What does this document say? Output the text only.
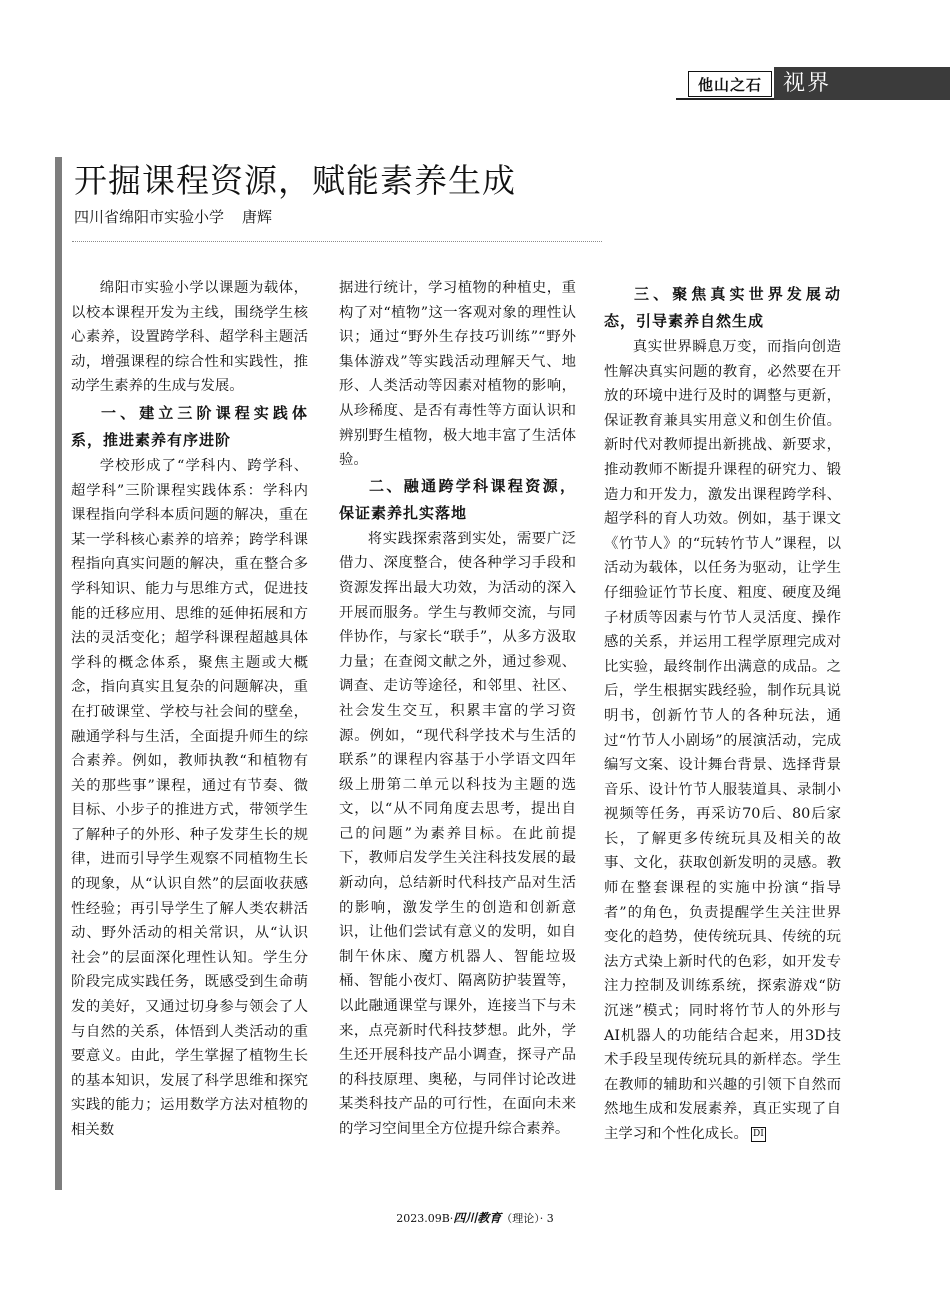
他山之石 视界
开掘课程资源，赋能素养生成
四川省绵阳市实验小学 唐辉

绵阳市实验小学以课题为载体，以校本课程开发为主线，围绕学生核心素养，设置跨学科、超学科主题活动，增强课程的综合性和实践性，推动学生素养的生成与发展。

一、建立三阶课程实践体系，推进素养有序进阶

学校形成了“学科内、跨学科、超学科”三阶课程实践体系：学科内课程指向学科本质问题的解决，重在某一学科核心素养的培养；跨学科课程指向真实问题的解决，重在整合多学科知识、能力与思维方式，促进技能的迁移应用、思维的延伸拓展和方法的灵活变化；超学科课程超越具体学科的概念体系，聚焦主题或大概念，指向真实且复杂的问题解决，重在打破课堂、学校与社会间的壁垒，融通学科与生活，全面提升师生的综合素养。例如，教师执教“和植物有关的那些事”课程，通过有节奏、微目标、小步子的推进方式，带领学生了解种子的外形、种子发芽生长的规律，进而引导学生观察不同植物生长的现象，从“认识自然”的层面收获感性经验；再引导学生了解人类农耕活动、野外活动的相关常识，从“认识社会”的层面深化理性认知。学生分阶段完成实践任务，既感受到生命萌发的美好，又通过切身参与领会了人与自然的关系，体悟到人类活动的重要意义。由此，学生掌握了植物生长的基本知识，发展了科学思维和探究实践的能力；运用数学方法对植物的相关数

据进行统计，学习植物的种植史，重构了对“植物”这一客观对象的理性认识；通过“野外生存技巧训练”“野外集体游戏”等实践活动理解天气、地形、人类活动等因素对植物的影响，从珍稀度、是否有毒性等方面认识和辨别野生植物，极大地丰富了生活体验。

二、融通跨学科课程资源，保证素养扎实落地

将实践探索落到实处，需要广泛借力、深度整合，使各种学习手段和资源发挥出最大功效，为活动的深入开展而服务。学生与教师交流，与同伴协作，与家长“联手”，从多方汲取力量；在查阅文献之外，通过参观、调查、走访等途径，和邻里、社区、社会发生交互，积累丰富的学习资源。例如，“现代科学技术与生活的联系”的课程内容基于小学语文四年级上册第二单元以科技为主题的选文，以“从不同角度去思考，提出自己的问题”为素养目标。在此前提下，教师启发学生关注科技发展的最新动向，总结新时代科技产品对生活的影响，激发学生的创造和创新意识，让他们尝试有意义的发明，如自制午休床、魔方机器人、智能垃圾桶、智能小夜灯、隔离防护装置等，以此融通课堂与课外，连接当下与未来，点亮新时代科技梦想。此外，学生还开展科技产品小调查，探寻产品的科技原理、奥秘，与同伴讨论改进某类科技产品的可行性，在面向未来的学习空间里全方位提升综合素养。

三、聚焦真实世界发展动态，引导素养自然生成

真实世界瞬息万变，而指向创造性解决真实问题的教育，必然要在开放的环境中进行及时的调整与更新，保证教育兼具实用意义和创生价值。新时代对教师提出新挑战、新要求，推动教师不断提升课程的研究力、锻造力和开发力，激发出课程跨学科、超学科的育人功效。例如，基于课文《竹节人》的“玩转竹节人”课程，以活动为载体，以任务为驱动，让学生仔细验证竹节长度、粗度、硬度及绳子材质等因素与竹节人灵活度、操作感的关系，并运用工程学原理完成对比实验，最终制作出满意的成品。之后，学生根据实践经验，制作玩具说明书，创新竹节人的各种玩法，通过“竹节人小剧场”的展演活动，完成编写文案、设计舞台背景、选择背景音乐、设计竹节人服装道具、录制小视频等任务，再采访70后、80后家长，了解更多传统玩具及相关的故事、文化，获取创新发明的灵感。教师在整套课程的实施中扮演“指导者”的角色，负责提醒学生关注世界变化的趋势，使传统玩具、传统的玩法方式染上新时代的色彩，如开发专注力控制及训练系统，探索游戏“防沉迷”模式；同时将竹节人的外形与AI机器人的功能结合起来，用3D技术手段呈现传统玩具的新样态。学生在教师的辅助和兴趣的引领下自然而然地生成和发展素养，真正实现了自主学习和个性化成长。 DI

2023.09B·四川教育（理论）· 3
